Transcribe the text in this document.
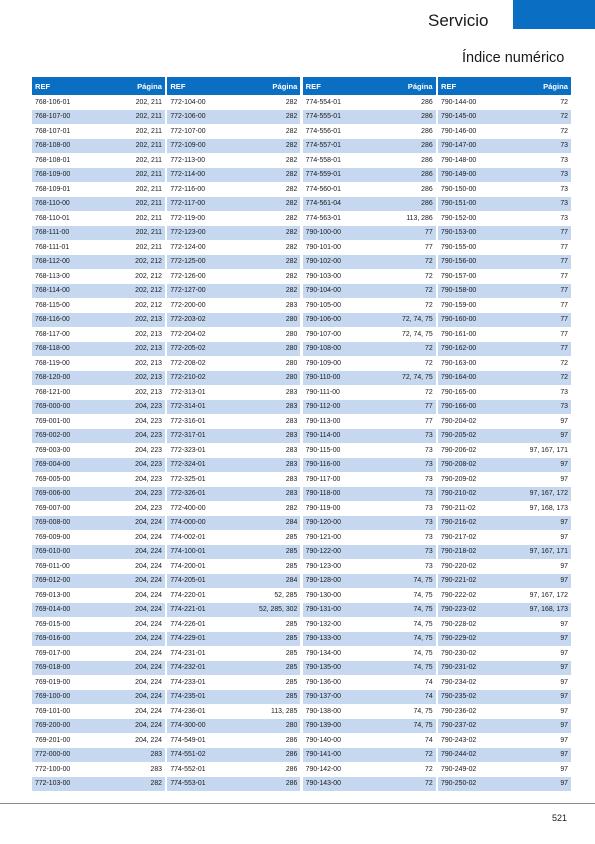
Servicio
Índice numérico
REF	Página
768-106-01	202, 211
768-107-00	202, 211
768-107-01	202, 211
768-108-00	202, 211
768-108-01	202, 211
768-109-00	202, 211
768-109-01	202, 211
768-110-00	202, 211
768-110-01	202, 211
768-111-00	202, 211
768-111-01	202, 211
768-112-00	202, 212
768-113-00	202, 212
768-114-00	202, 212
768-115-00	202, 212
768-116-00	202, 213
768-117-00	202, 213
768-118-00	202, 213
768-119-00	202, 213
768-120-00	202, 213
768-121-00	202, 213
769-000-00	204, 223
769-001-00	204, 223
769-002-00	204, 223
769-003-00	204, 223
769-004-00	204, 223
769-005-00	204, 223
769-006-00	204, 223
769-007-00	204, 223
769-008-00	204, 224
769-009-00	204, 224
769-010-00	204, 224
769-011-00	204, 224
769-012-00	204, 224
769-013-00	204, 224
769-014-00	204, 224
769-015-00	204, 224
769-016-00	204, 224
769-017-00	204, 224
769-018-00	204, 224
769-019-00	204, 224
769-100-00	204, 224
769-101-00	204, 224
769-200-00	204, 224
769-201-00	204, 224
772-000-00	283
772-100-00	283
772-103-00	282
REF	Página
772-104-00	282
772-106-00	282
772-107-00	282
772-109-00	282
772-113-00	282
772-114-00	282
772-116-00	282
772-117-00	282
772-119-00	282
772-123-00	282
772-124-00	282
772-125-00	282
772-126-00	282
772-127-00	282
772-200-00	283
772-203-02	280
772-204-02	280
772-205-02	280
772-208-02	280
772-210-02	280
772-313-01	283
772-314-01	283
772-316-01	283
772-317-01	283
772-323-01	283
772-324-01	283
772-325-01	283
772-326-01	283
772-400-00	282
774-000-00	284
774-002-01	285
774-100-01	285
774-200-01	285
774-205-01	284
774-220-01	52, 285
774-221-01	52, 285, 302
774-226-01	285
774-229-01	285
774-231-01	285
774-232-01	285
774-233-01	285
774-235-01	285
774-236-01	113, 285
774-300-00	280
774-549-01	286
774-551-02	286
774-552-01	286
774-553-01	286
REF	Página
774-554-01	286
774-555-01	286
774-556-01	286
774-557-01	286
774-558-01	286
774-559-01	286
774-560-01	286
774-561-04	286
774-563-01	113, 286
790-100-00	77
790-101-00	77
790-102-00	72
790-103-00	72
790-104-00	72
790-105-00	72
790-106-00	72, 74, 75
790-107-00	72, 74, 75
790-108-00	72
790-109-00	72
790-110-00	72, 74, 75
790-111-00	72
790-112-00	77
790-113-00	77
790-114-00	73
790-115-00	73
790-116-00	73
790-117-00	73
790-118-00	73
790-119-00	73
790-120-00	73
790-121-00	73
790-122-00	73
790-123-00	73
790-128-00	74, 75
790-130-00	74, 75
790-131-00	74, 75
790-132-00	74, 75
790-133-00	74, 75
790-134-00	74, 75
790-135-00	74, 75
790-136-00	74
790-137-00	74
790-138-00	74, 75
790-139-00	74, 75
790-140-00	74
790-141-00	72
790-142-00	72
790-143-00	72
REF	Página
790-144-00	72
790-145-00	72
790-146-00	72
790-147-00	73
790-148-00	73
790-149-00	73
790-150-00	73
790-151-00	73
790-152-00	73
790-153-00	77
790-155-00	77
790-156-00	77
790-157-00	77
790-158-00	77
790-159-00	77
790-160-00	77
790-161-00	77
790-162-00	77
790-163-00	72
790-164-00	72
790-165-00	73
790-166-00	73
790-204-02	97
790-205-02	97
790-206-02	97, 167, 171
790-208-02	97
790-209-02	97
790-210-02	97, 167, 172
790-211-02	97, 168, 173
790-216-02	97
790-217-02	97
790-218-02	97, 167, 171
790-220-02	97
790-221-02	97
790-222-02	97, 167, 172
790-223-02	97, 168, 173
790-228-02	97
790-229-02	97
790-230-02	97
790-231-02	97
790-234-02	97
790-235-02	97
790-236-02	97
790-237-02	97
790-243-02	97
790-244-02	97
790-249-02	97
790-250-02	97
521
